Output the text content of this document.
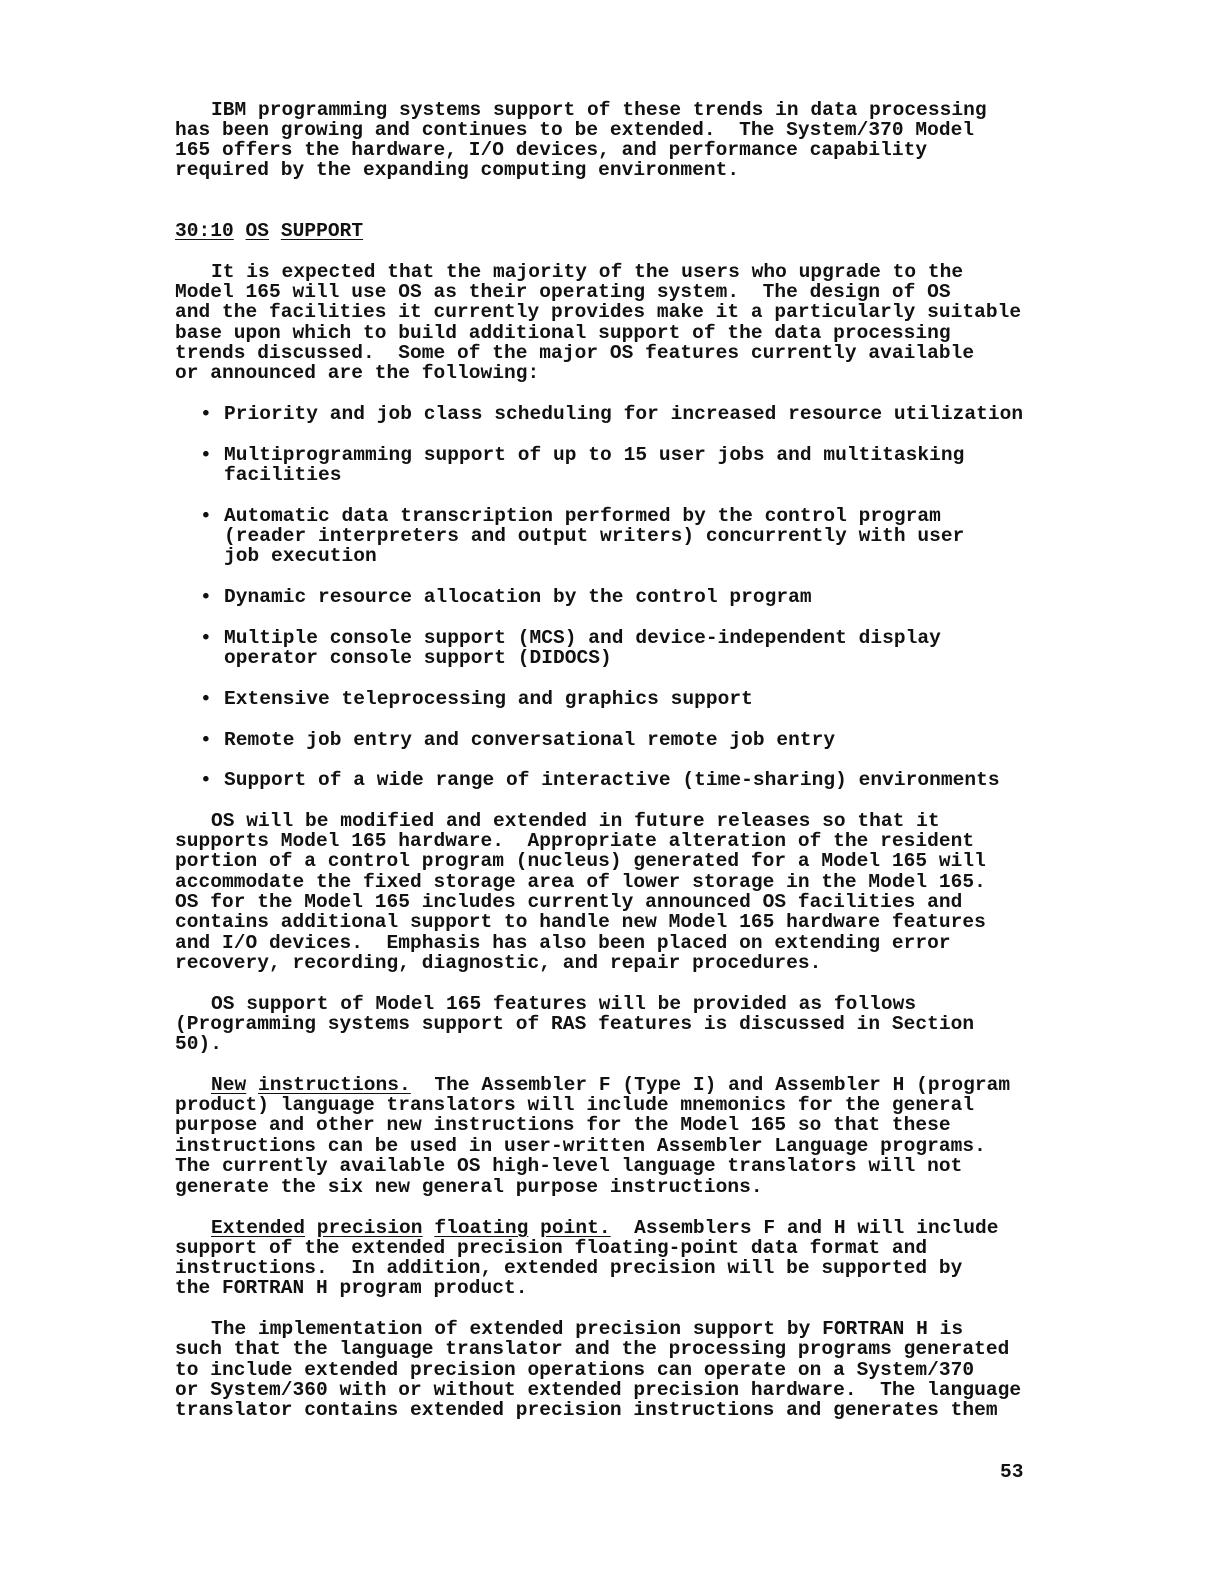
IBM programming systems support of these trends in data processing
has been growing and continues to be extended.  The System/370 Model
165 offers the hardware, I/O devices, and performance capability
required by the expanding computing environment.
30:10 OS SUPPORT
It is expected that the majority of the users who upgrade to the
Model 165 will use OS as their operating system.  The design of OS
and the facilities it currently provides make it a particularly suitable
base upon which to build additional support of the data processing
trends discussed.  Some of the major OS features currently available
or announced are the following:
• Priority and job class scheduling for increased resource utilization
• Multiprogramming support of up to 15 user jobs and multitasking
facilities
• Automatic data transcription performed by the control program
(reader interpreters and output writers) concurrently with user
job execution
• Dynamic resource allocation by the control program
• Multiple console support (MCS) and device-independent display
operator console support (DIDOCS)
• Extensive teleprocessing and graphics support
• Remote job entry and conversational remote job entry
• Support of a wide range of interactive (time-sharing) environments
OS will be modified and extended in future releases so that it
supports Model 165 hardware.  Appropriate alteration of the resident
portion of a control program (nucleus) generated for a Model 165 will
accommodate the fixed storage area of lower storage in the Model 165.
OS for the Model 165 includes currently announced OS facilities and
contains additional support to handle new Model 165 hardware features
and I/O devices.  Emphasis has also been placed on extending error
recovery, recording, diagnostic, and repair procedures.
OS support of Model 165 features will be provided as follows
(Programming systems support of RAS features is discussed in Section
50).
New instructions. The Assembler F (Type I) and Assembler H (program
product) language translators will include mnemonics for the general
purpose and other new instructions for the Model 165 so that these
instructions can be used in user-written Assembler Language programs.
The currently available OS high-level language translators will not
generate the six new general purpose instructions.
Extended precision floating point. Assemblers F and H will include
support of the extended precision floating-point data format and
instructions.  In addition, extended precision will be supported by
the FORTRAN H program product.
The implementation of extended precision support by FORTRAN H is
such that the language translator and the processing programs generated
to include extended precision operations can operate on a System/370
or System/360 with or without extended precision hardware.  The language
translator contains extended precision instructions and generates them
53
